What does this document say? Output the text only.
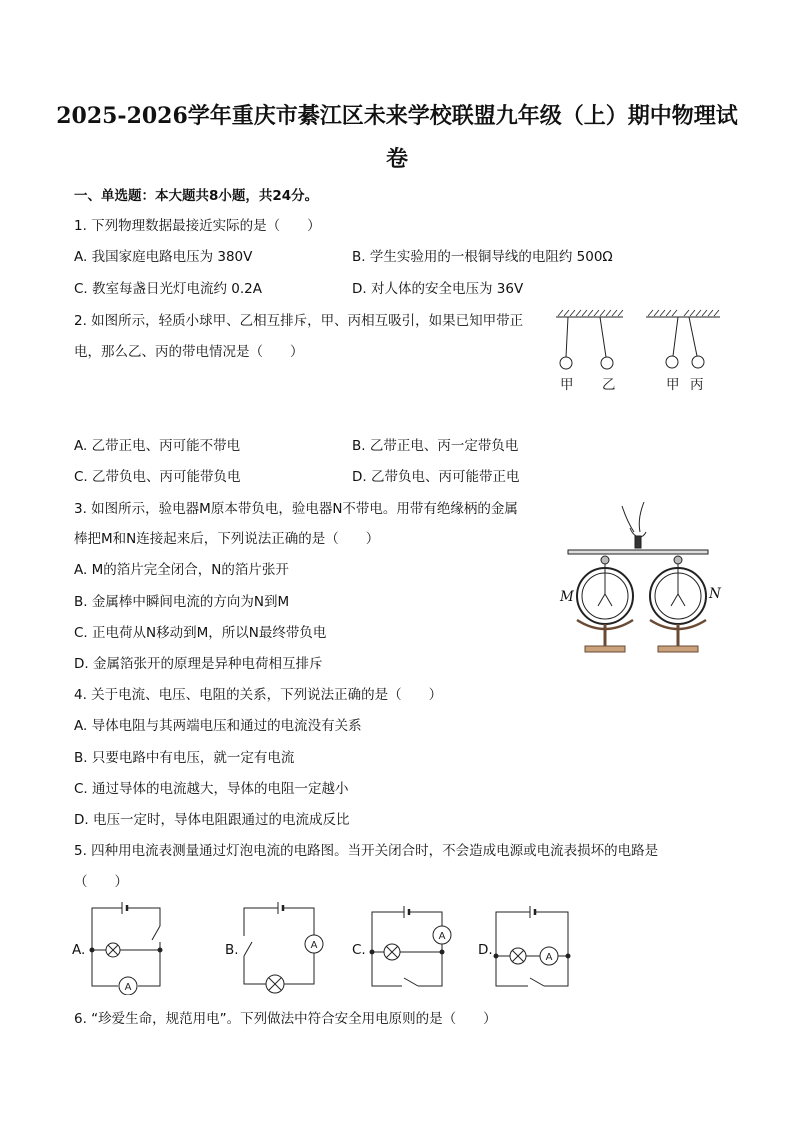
2025-2026学年重庆市綦江区未来学校联盟九年级（上）期中物理试
卷
一、单选题：本大题共8小题，共24分。
1. 下列物理数据最接近实际的是（　　）
A. 我国家庭电路电压为 380V	B. 学生实验用的一根铜导线的电阻约 500Ω
C. 教室每盏日光灯电流约 0.2A	D. 对人体的安全电压为 36V
2. 如图所示，轻质小球甲、乙相互排斥，甲、丙相互吸引，如果已知甲带正
电，那么乙、丙的带电情况是（　　）
甲 乙	甲 丙
A. 乙带正电、丙可能不带电	B. 乙带正电、丙一定带负电
C. 乙带负电、丙可能带负电	D. 乙带负电、丙可能带正电
3. 如图所示，验电器M原本带负电，验电器N不带电。用带有绝缘柄的金属
棒把M和N连接起来后，下列说法正确的是（　　）
A. M的箔片完全闭合，N的箔片张开
B. 金属棒中瞬间电流的方向为N到M
C. 正电荷从N移动到M，所以N最终带负电
D. 金属箔张开的原理是异种电荷相互排斥
M	N
4. 关于电流、电压、电阻的关系，下列说法正确的是（　　）
A. 导体电阻与其两端电压和通过的电流没有关系
B. 只要电路中有电压，就一定有电流
C. 通过导体的电流越大，导体的电阻一定越小
D. 电压一定时，导体电阻跟通过的电流成反比
5. 四种用电流表测量通过灯泡电流的电路图。当开关闭合时，不会造成电源或电流表损坏的电路是
（　　）
A.
A
B.	A	C.
A
D.	A
6. “珍爱生命，规范用电”。下列做法中符合安全用电原则的是（　　）
